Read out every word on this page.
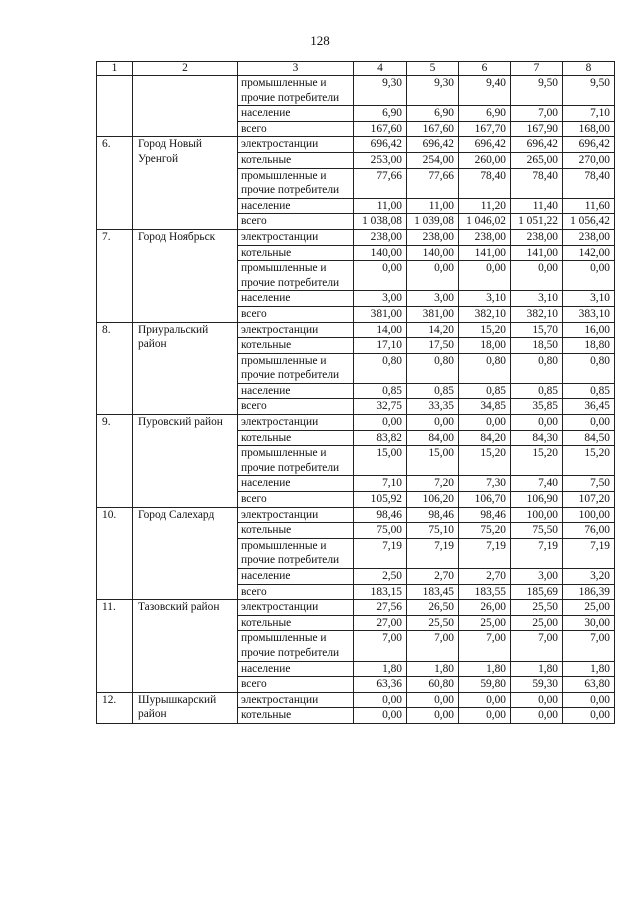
128
1	2	3	4	5	6	7	8
		промышленные и прочие потребители	9,30	9,30	9,40	9,50	9,50
		население	6,90	6,90	6,90	7,00	7,10
		всего	167,60	167,60	167,70	167,90	168,00
6.	Город Новый Уренгой	электростанции	696,42	696,42	696,42	696,42	696,42
		котельные	253,00	254,00	260,00	265,00	270,00
		промышленные и прочие потребители	77,66	77,66	78,40	78,40	78,40
		население	11,00	11,00	11,20	11,40	11,60
		всего	1 038,08	1 039,08	1 046,02	1 051,22	1 056,42
7.	Город Ноябрьск	электростанции	238,00	238,00	238,00	238,00	238,00
		котельные	140,00	140,00	141,00	141,00	142,00
		промышленные и прочие потребители	0,00	0,00	0,00	0,00	0,00
		население	3,00	3,00	3,10	3,10	3,10
		всего	381,00	381,00	382,10	382,10	383,10
8.	Приуральский район	электростанции	14,00	14,20	15,20	15,70	16,00
		котельные	17,10	17,50	18,00	18,50	18,80
		промышленные и прочие потребители	0,80	0,80	0,80	0,80	0,80
		население	0,85	0,85	0,85	0,85	0,85
		всего	32,75	33,35	34,85	35,85	36,45
9.	Пуровский район	электростанции	0,00	0,00	0,00	0,00	0,00
		котельные	83,82	84,00	84,20	84,30	84,50
		промышленные и прочие потребители	15,00	15,00	15,20	15,20	15,20
		население	7,10	7,20	7,30	7,40	7,50
		всего	105,92	106,20	106,70	106,90	107,20
10.	Город Салехард	электростанции	98,46	98,46	98,46	100,00	100,00
		котельные	75,00	75,10	75,20	75,50	76,00
		промышленные и прочие потребители	7,19	7,19	7,19	7,19	7,19
		население	2,50	2,70	2,70	3,00	3,20
		всего	183,15	183,45	183,55	185,69	186,39
11.	Тазовский район	электростанции	27,56	26,50	26,00	25,50	25,00
		котельные	27,00	25,50	25,00	25,00	30,00
		промышленные и прочие потребители	7,00	7,00	7,00	7,00	7,00
		население	1,80	1,80	1,80	1,80	1,80
		всего	63,36	60,80	59,80	59,30	63,80
12.	Шурышкарский район	электростанции	0,00	0,00	0,00	0,00	0,00
		котельные	0,00	0,00	0,00	0,00	0,00
